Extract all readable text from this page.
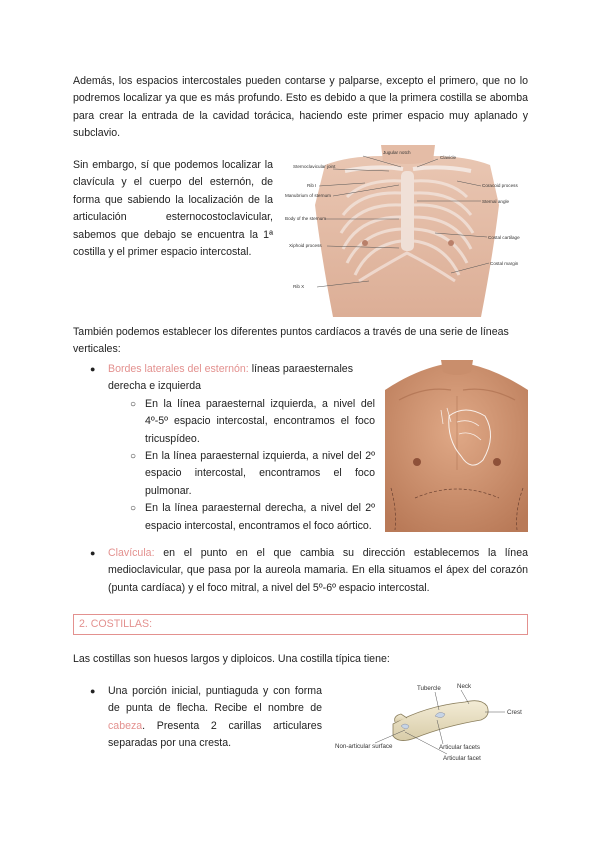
Además, los espacios intercostales pueden contarse y palparse, excepto el primero, que no lo podremos localizar ya que es más profundo. Esto es debido a que la primera costilla se abomba para crear la entrada de la cavidad torácica, haciendo este primer espacio muy aplanado y subclavio.

Sin embargo, sí que podemos localizar la clavícula y el cuerpo del esternón, de forma que sabiendo la localización de la articulación esternocostoclavicular, sabemos que debajo se encuentra la 1ª costilla y el primer espacio intercostal.

Jugular notch
Sternoclavicular joint
Clavicle
Rib I	Coracoid process
Manubrium of sternum
Sternal angle
Body of the sternum
Costal cartilage
Xiphoid process
Costal margin
Rib X

También podemos establecer los diferentes puntos cardíacos a través de una serie de líneas verticales:

●	Bordes laterales del esternón: líneas paraesternales derecha e izquierda
○ En la línea paraesternal izquierda, a nivel del 4º-5º espacio intercostal, encontramos el foco tricuspídeo.
○ En la línea paraesternal izquierda, a nivel del 2º espacio intercostal, encontramos el foco pulmonar.
○ En la línea paraesternal derecha, a nivel del 2º espacio intercostal, encontramos el foco aórtico.
●	Clavícula: en el punto en el que cambia su dirección establecemos la línea medioclavicular, que pasa por la aureola mamaria. En ella situamos el ápex del corazón (punta cardíaca) y el foco mitral, a nivel del 5º-6º espacio intercostal.
2. COSTILLAS:

Las costillas son huesos largos y diploicos. Una costilla típica tiene:

●	Una porción inicial, puntiaguda y con forma de punta de flecha. Recibe el nombre de cabeza. Presenta 2 carillas articulares separadas por una cresta.
Tubercle	Neck
Crest
Non-articular surface	Articular facets
Articular facet
